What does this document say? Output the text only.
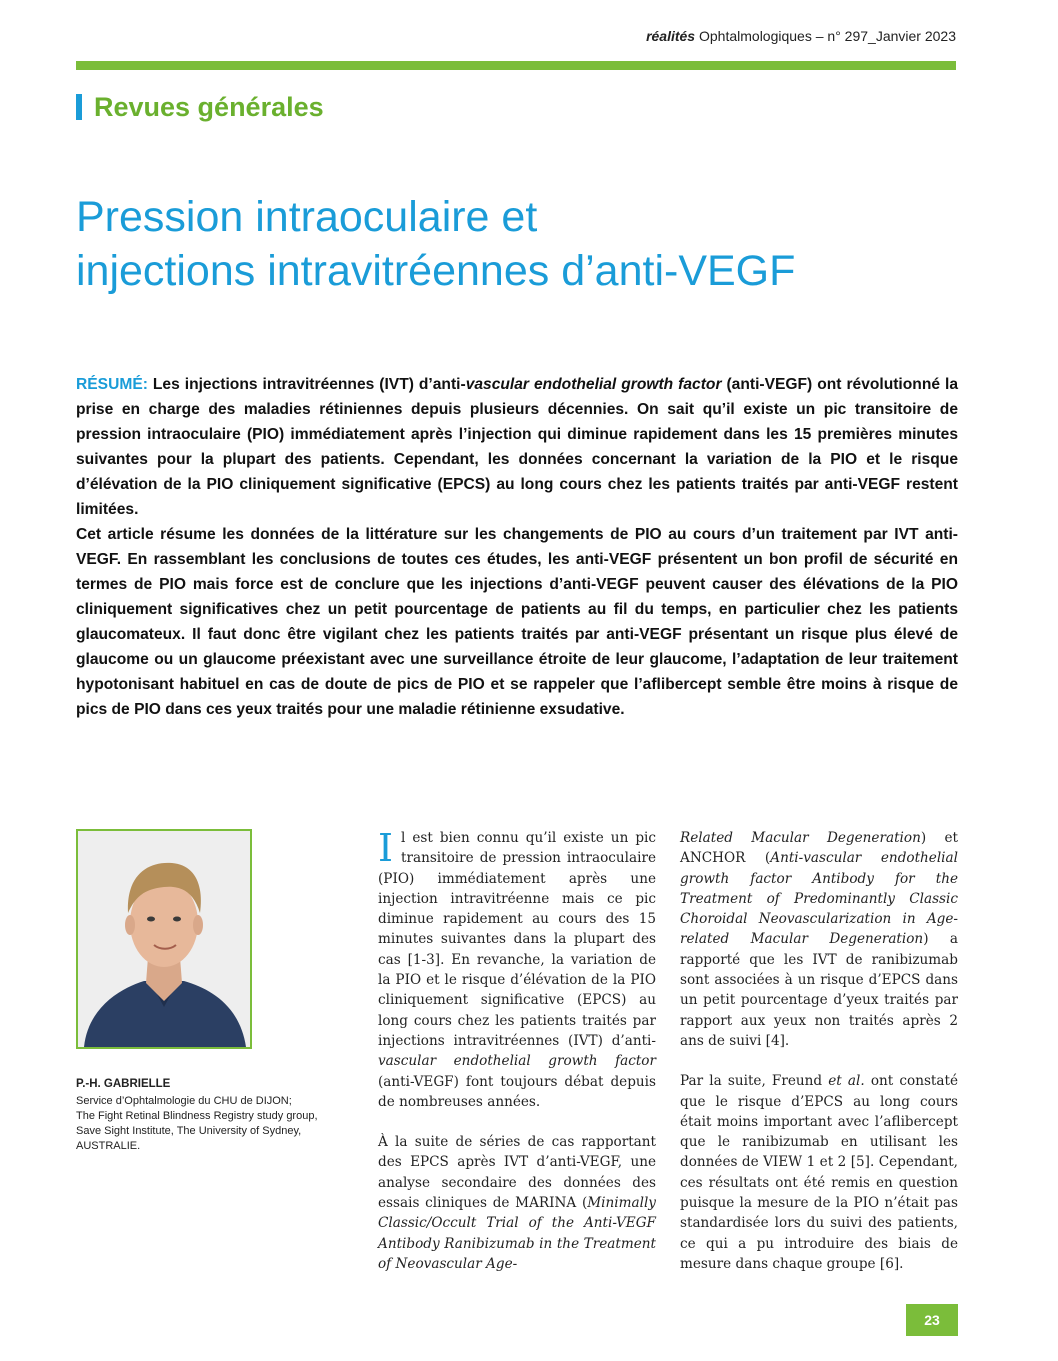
réalités Ophtalmologiques – n° 297_Janvier 2023
Revues générales
Pression intraoculaire et
injections intravitréennes d’anti-VEGF

RÉSUMÉ: Les injections intravitréennes (IVT) d’anti-vascular endothelial growth factor (anti-VEGF) ont révolutionné la prise en charge des maladies rétiniennes depuis plusieurs décennies. On sait qu’il existe un pic transitoire de pression intraoculaire (PIO) immédiatement après l’injection qui diminue rapidement dans les 15 premières minutes suivantes pour la plupart des patients. Cependant, les données concernant la variation de la PIO et le risque d’élévation de la PIO cliniquement significative (EPCS) au long cours chez les patients traités par anti-VEGF restent limitées.

Cet article résume les données de la littérature sur les changements de PIO au cours d’un traitement par IVT anti-VEGF. En rassemblant les conclusions de toutes ces études, les anti-VEGF présentent un bon profil de sécurité en termes de PIO mais force est de conclure que les injections d’anti-VEGF peuvent causer des élévations de la PIO cliniquement significatives chez un petit pourcentage de patients au fil du temps, en particulier chez les patients glaucomateux. Il faut donc être vigilant chez les patients traités par anti-VEGF présentant un risque plus élevé de glaucome ou un glaucome préexistant avec une surveillance étroite de leur glaucome, l’adaptation de leur traitement hypotonisant habituel en cas de doute de pics de PIO et se rappeler que l’aflibercept semble être moins à risque de pics de PIO dans ces yeux traités pour une maladie rétinienne exsudative.

P.-H. GABRIELLE
Service d’Ophtalmologie du CHU de DIJON;
The Fight Retinal Blindness Registry study group,
Save Sight Institute, The University of Sydney,
AUSTRALIE.

Il est bien connu qu’il existe un pic transitoire de pression intraoculaire (PIO) immédiatement après une injection intravitréenne mais ce pic diminue rapidement au cours des 15 minutes suivantes dans la plupart des cas [1-3]. En revanche, la variation de la PIO et le risque d’élévation de la PIO cliniquement significative (EPCS) au long cours chez les patients traités par injections intravitréennes (IVT) d’anti-vascular endothelial growth factor (anti-VEGF) font toujours débat depuis de nombreuses années.

À la suite de séries de cas rapportant des EPCS après IVT d’anti-VEGF, une analyse secondaire des données des essais cliniques de MARINA (Minimally Classic/Occult Trial of the Anti-VEGF Antibody Ranibizumab in the Treatment of Neovascular Age-

Related Macular Degeneration) et ANCHOR (Anti-vascular endothelial growth factor Antibody for the Treatment of Predominantly Classic Choroidal Neovascularization in Age-related Macular Degeneration) a rapporté que les IVT de ranibizumab sont associées à un risque d’EPCS dans un petit pourcentage d’yeux traités par rapport aux yeux non traités après 2 ans de suivi [4].

Par la suite, Freund et al. ont constaté que le risque d’EPCS au long cours était moins important avec l’aflibercept que le ranibizumab en utilisant les données de VIEW 1 et 2 [5]. Cependant, ces résultats ont été remis en question puisque la mesure de la PIO n’était pas standardisée lors du suivi des patients, ce qui a pu introduire des biais de mesure dans chaque groupe [6].

23
